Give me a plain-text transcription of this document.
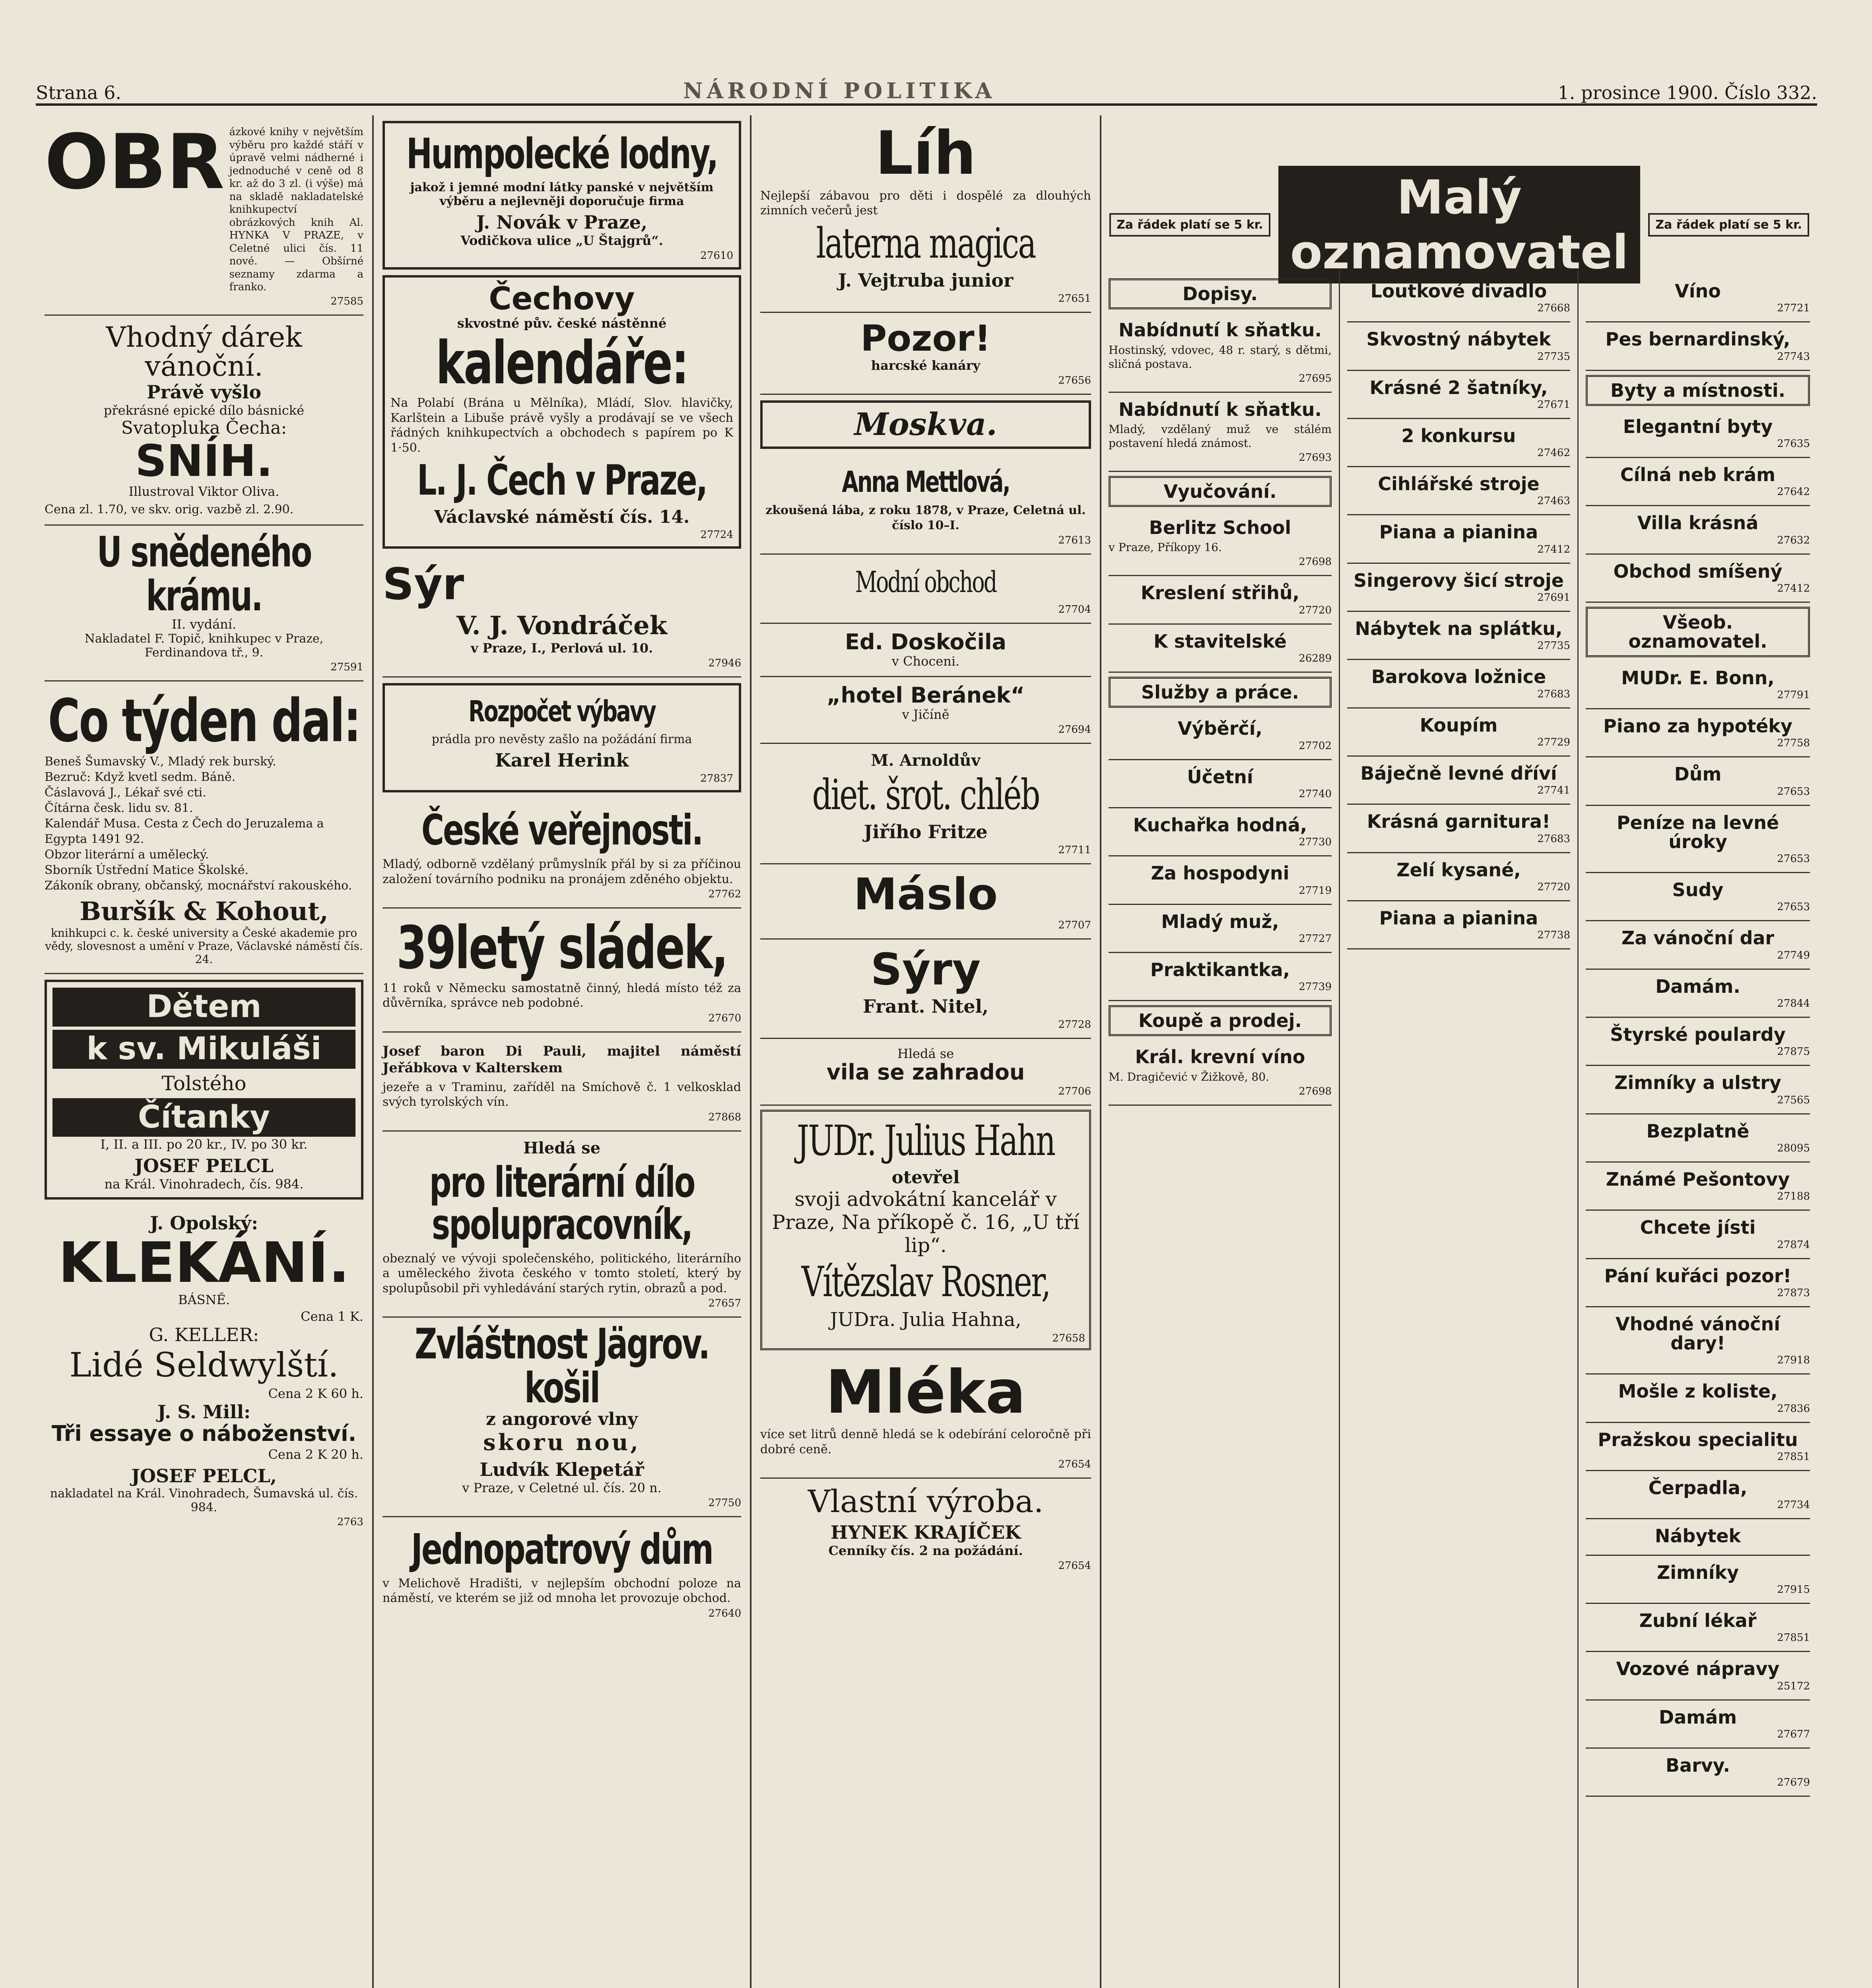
Strana 6.	NÁRODNÍ POLITIKA	1. prosince 1900. Číslo 332.
OBR ázkové knihy v největším výběru pro každé stáří v úpravě velmi nádherné i jednoduché v ceně od 8 kr. až do 3 zl. (i výše) má na skladě nakladatelské knihkupectví obrázkových knih Al. HYNKA V PRAZE, v Celetné ulici čís. 11 nové. — Obšírné seznamy zdarma a franko.
27585
Vhodný dárek vánoční.
Právě vyšlo
překrásné epické dílo básnické
Svatopluka Čecha:
SNÍH.
Illustroval Viktor Oliva.
Cena zl. 1.70, ve skv. orig. vazbě zl. 2.90.
U snědeného krámu.
II. vydání.
Nakladatel F. Topič, knihkupec v Praze, Ferdinandova tř., 9.
27591
Co týden dal:

Beneš Šumavský V., Mladý rek burský.

Bezruč: Když kvetl sedm. Báně.

Čáslavová J., Lékař své cti.

Čítárna česk. lidu sv. 81.

Kalendář Musa. Cesta z Čech do Jeruzalema a Egypta 1491 92.

Obzor literární a umělecký.

Sborník Ústřední Matice Školské.

Zákoník obrany, občanský, mocnářství rakouského.

Buršík & Kohout,
knihkupci c. k. české university a České akademie pro vědy, slovesnost a umění v Praze, Václavské náměstí čís. 24.
Dětem
k sv. Mikuláši
Tolstého
Čítanky
I, II. a III. po 20 kr., IV. po 30 kr.
JOSEF PELCL
na Král. Vinohradech, čís. 984.
J. Opolský:
KLEKÁNÍ.
BÁSNĚ.
Cena 1 K.
G. KELLER:
Lidé Seldwylští.
Cena 2 K 60 h.
J. S. Mill:
Tři essaye o náboženství.
Cena 2 K 20 h.
JOSEF PELCL,
nakladatel na Král. Vinohradech, Šumavská ul. čís. 984.
2763
Humpolecké lodny,
jakož i jemné modní látky panské v největším výběru a nejlevněji doporučuje firma
J. Novák v Praze,
Vodičkova ulice „U Štajgrů“.
27610
Čechovy
skvostné pův. české nástěnné
kalendáře:
Na Polabí (Brána u Mělníka), Mládí, Slov. hlavičky, Karlštein a Libuše právě vyšly a prodávají se ve všech řádných knihkupectvích a obchodech s papírem po K 1·50.
L. J. Čech v Praze,
Václavské náměstí čís. 14.
27724
Sýr
V. J. Vondráček
v Praze, I., Perlová ul. 10.
27946
Rozpočet výbavy
prádla pro nevěsty zašlo na požádání firma
Karel Herink
27837
České veřejnosti.
Mladý, odborně vzdělaný průmyslník přál by si za příčinou založení továrního podniku na pronájem zděného objektu.
27762
39letý sládek,
11 roků v Německu samostatně činný, hledá místo též za důvěrníka, správce neb podobné.
27670
Josef baron Di Pauli, majitel náměstí Jeřábkova v Kalterskem
jezeře a v Traminu, zaříděl na Smíchově č. 1 velkosklad svých tyrolských vín.
27868
Hledá se
pro literární dílo
spolupracovník,
obeznalý ve vývoji společenského, politického, literárního a uměleckého života českého v tomto století, který by spolupůsobil při vyhledávání starých rytin, obrazů a pod.
27657
Zvláštnost Jägrov. košil
z angorové vlny
skoru nou,
Ludvík Klepetář
v Praze, v Celetné ul. čís. 20 n.
27750
Jednopatrový dům
v Melichově Hradišti, v nejlepším obchodní poloze na náměstí, ve kterém se již od mnoha let provozuje obchod.
27640
Líh
Nejlepší zábavou pro děti i dospělé za dlouhých zimních večerů jest
laterna magica
J. Vejtruba junior
27651
Pozor!
harcské kanáry
27656
Moskva.
Anna Mettlová,
zkoušená lába, z roku 1878, v Praze, Celetná ul. číslo 10–I.
27613
Modní obchod
27704
Ed. Doskočila
v Choceni.
„hotel Beránek“
v Jičíně
27694
M. Arnoldův
diet. šrot. chléb
Jiřího Fritze
27711
Máslo
27707
Sýry
Frant. Nitel,
27728
Hledá se
vila se zahradou
27706
JUDr. Julius Hahn
otevřel
svoji advokátní kancelář v Praze, Na příkopě č. 16, „U tří lip“.
Vítězslav Rosner,
JUDra. Julia Hahna,
27658
Mléka
více set litrů denně hledá se k odebírání celoročně při dobré ceně.
27654
Vlastní výroba.
HYNEK KRAJÍČEK
Cenníky čís. 2 na požádání.
27654
Za řádek platí se 5 kr.	Malý oznamovatel	Za řádek platí se 5 kr.
Dopisy.
Nabídnutí k sňatku.
Hostinský, vdovec, 48 r. starý, s dětmi, sličná postava.
27695
Nabídnutí k sňatku.
Mladý, vzdělaný muž ve stálém postavení hledá známost.
27693
Vyučování.
Berlitz School
v Praze, Příkopy 16.
27698
Kreslení střihů,
27720
K stavitelské
26289
Služby a práce.
Výběrčí,
27702
Účetní
27740
Kuchařka hodná,
27730
Za hospodyni
27719
Mladý muž,
27727
Praktikantka,
27739
Koupě a prodej.
Král. krevní víno
M. Dragičević v Žižkově, 80.
27698
Loutkové divadlo
27668
Skvostný nábytek
27735
Krásné 2 šatníky,
27671
2 konkursu
27462
Cihlářské stroje
27463
Piana a pianina
27412
Singerovy šicí stroje
27691
Nábytek na splátku,
27735
Barokova ložnice
27683
Koupím
27729
Báječně levné dříví
27741
Krásná garnitura!
27683
Zelí kysané,
27720
Piana a pianina
27738
Víno
27721
Pes bernardinský,
27743
Byty a místnosti.
Elegantní byty
27635
Cílná neb krám
27642
Villa krásná
27632
Obchod smíšený
27412
Všeob. oznamovatel.
MUDr. E. Bonn,
27791
Piano za hypotéky
27758
Dům
27653
Peníze na levné úroky
27653
Sudy
27653
Za vánoční dar
27749
Damám.
27844
Štyrské poulardy
27875
Zimníky a ulstry
27565
Bezplatně
28095
Známé Pešontovy
27188
Chcete jísti
27874
Pání kuřáci pozor!
27873
Vhodné vánoční dary!
27918
Mošle z koliste,
27836
Pražskou specialitu
27851
Čerpadla,
27734
Nábytek
Zimníky
27915
Zubní lékař
27851
Vozové nápravy
25172
Damám
27677
Barvy.
27679
